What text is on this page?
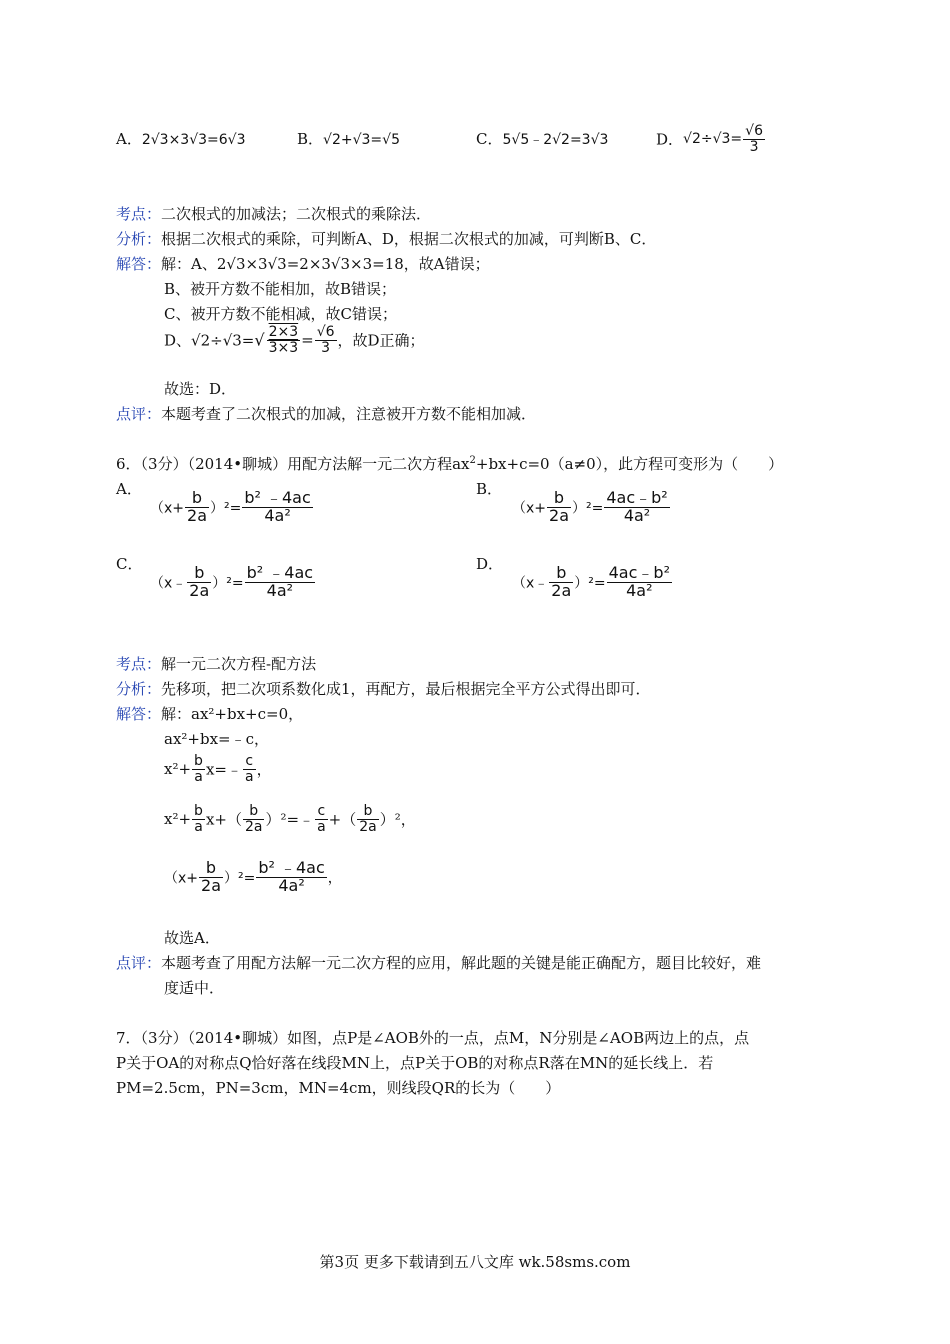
A．2√3×3√3=6√3	B．√2+√3=√5	C．5√5﹣2√2=3√3	D．$√2\div√3= \frac{√6}{3}$
考点：二次根式的加减法；二次根式的乘除法．
分析：根据二次根式的乘除，可判断A、D，根据二次根式的加减，可判断B、C．
解答：解：A、2√3×3√3=2×3√3×3=18，故A错误；
B、被开方数不能相加，故B错误；
C、被开方数不能相减，故C错误；
D、$√2\div√3=√ \frac{2\times 3}{3\times 3} = \frac{√6}{3}$ ，故D正确；
故选：D．
点评：本题考查了二次根式的加减，注意被开方数不能相加减．
6．（3分）（2014•聊城）用配方法解一元二次方程$ax^2+bx+c=0(a\ne 0)$，此方程可变形为（　　）
A．
$(x+ \frac{b}{2a} )^2= \frac{\text{b² ﹣4ac}}{\text{4a²}}$
B．
$(x+ \frac{b}{2a} )^2= \frac{\text{4ac﹣b²}}{\text{4a²}}$
C．
（x﹣ $\frac{b}{2a} )^2= \frac{\text{b² ﹣4ac}}{\text{4a²}}$
D．
（x﹣ $\frac{b}{2a} )^2= \frac{\text{4ac﹣b²}}{\text{4a²}}$
考点：解一元二次方程-配方法
分析：先移项，把二次项系数化成1，再配方，最后根据完全平方公式得出即可．
解答：解：ax²+bx+c=0，
ax²+bx=﹣c，
$x^2+ \frac{b}{a}$ x=﹣ $\frac{c}{a}$ ，
$x^2+ \frac{b}{a} x+( \frac{b}{2a}$ ）²=﹣ $\frac{c}{a}$ +（ $\frac{b}{2a} )^2$，
$(x+ \frac{b}{2a} )^2= \frac{\text{b² ﹣4ac}}{\text{4a²}}$ ，
故选A．
点评：本题考查了用配方法解一元二次方程的应用，解此题的关键是能正确配方，题目比较好，难
度适中．
7．（3分）（2014•聊城）如图，点P是∠AOB外的一点，点M，N分别是∠AOB两边上的点，点
P关于OA的对称点Q恰好落在线段MN上，点P关于OB的对称点R落在MN的延长线上．若
PM=2.5cm，PN=3cm，MN=4cm，则线段QR的长为（　　）
第3页 更多下载请到五八文库 wk.58sms.com
